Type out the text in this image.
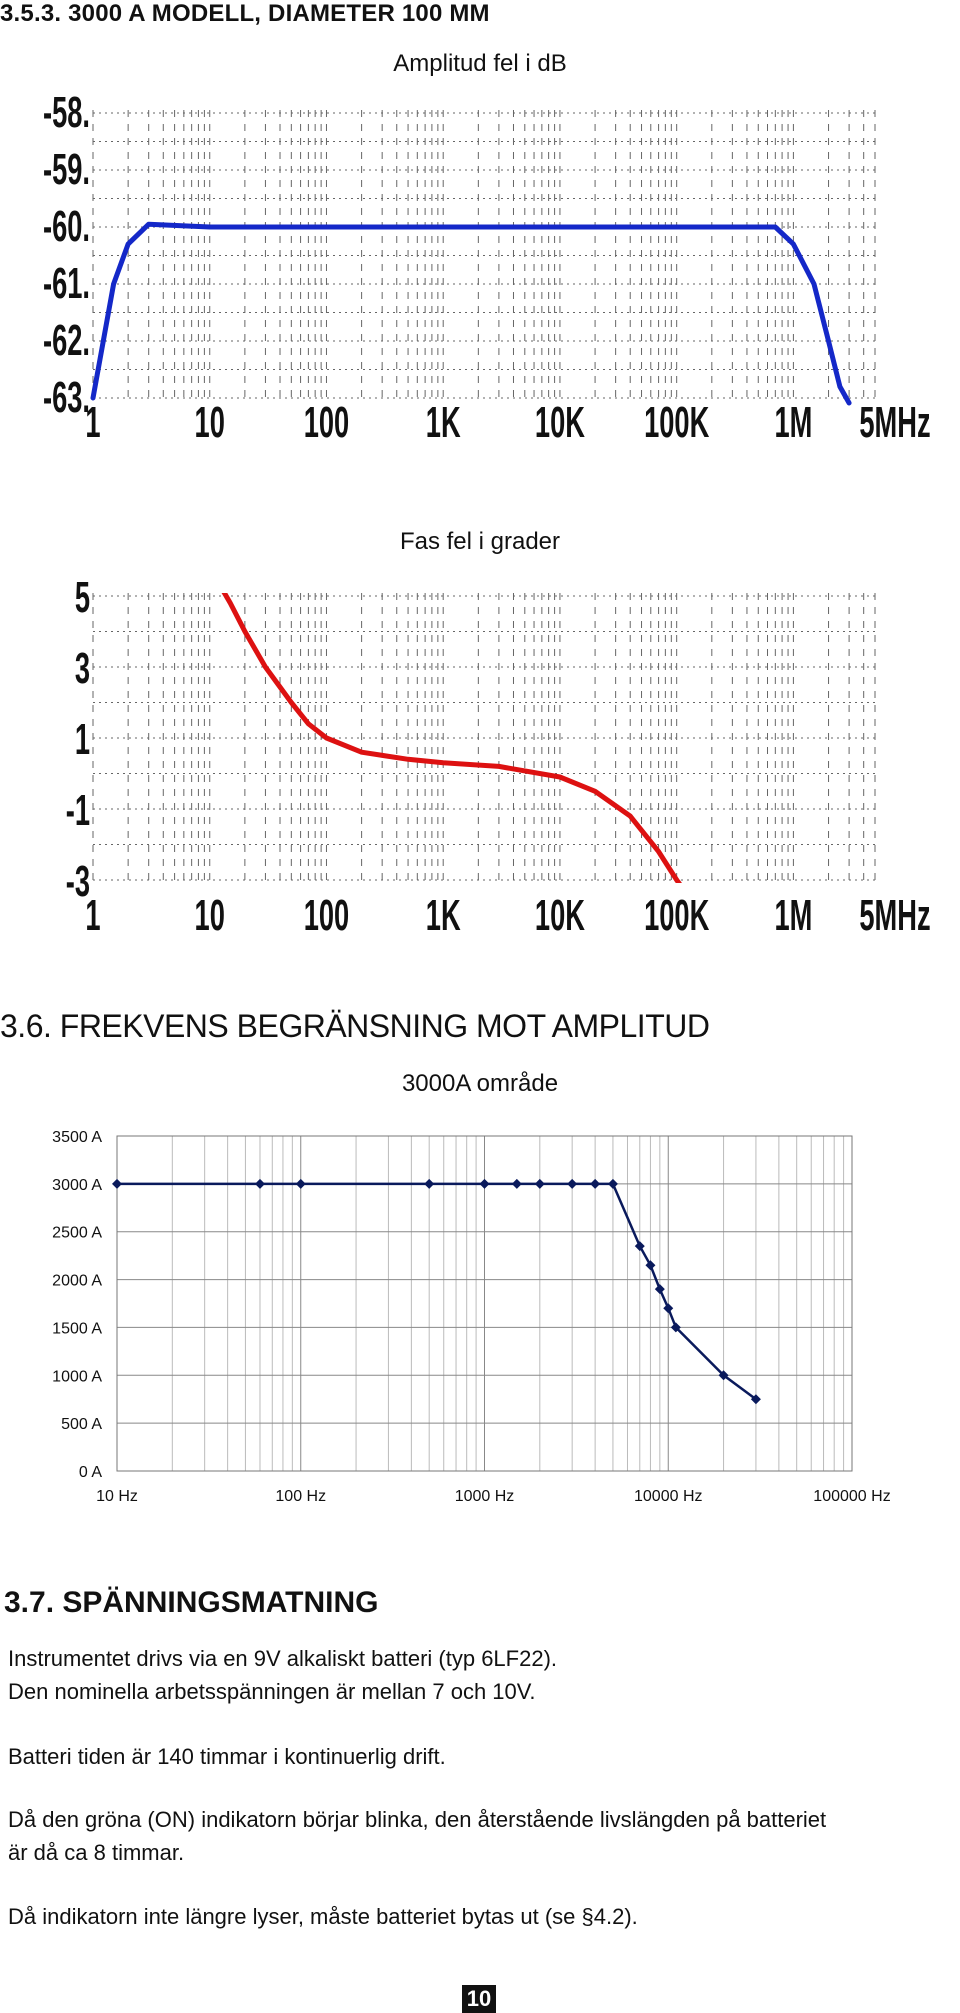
3.5.3. 3000 A MODELL, DIAMETER 100 MM
Amplitud fel i dB
-58.
-59.
-60.
-61.
-62.
-63.
1 10 100 1K 10K 100K 1M 5MHz
Fas fel i grader
5
3
1
-1
-3
1 10 100 1K 10K 100K 1M 5MHz
3.6. FREKVENS BEGRÄNSNING MOT AMPLITUD
3000A område
3500 A
3000 A
2500 A
2000 A
1500 A
1000 A
500 A
0 A
10 Hz	100 Hz	1000 Hz	10000 Hz	100000 Hz
3.7. SPÄNNINGSMATNING
Instrumentet drivs via en 9V alkaliskt batteri (typ 6LF22).
Den nominella arbetsspänningen är mellan 7 och 10V.
Batteri tiden är 140 timmar i kontinuerlig drift.
Då den gröna (ON) indikatorn börjar blinka, den återstående livslängden på batteriet
är då ca 8 timmar.
Då indikatorn inte längre lyser, måste batteriet bytas ut (se §4.2).
10
